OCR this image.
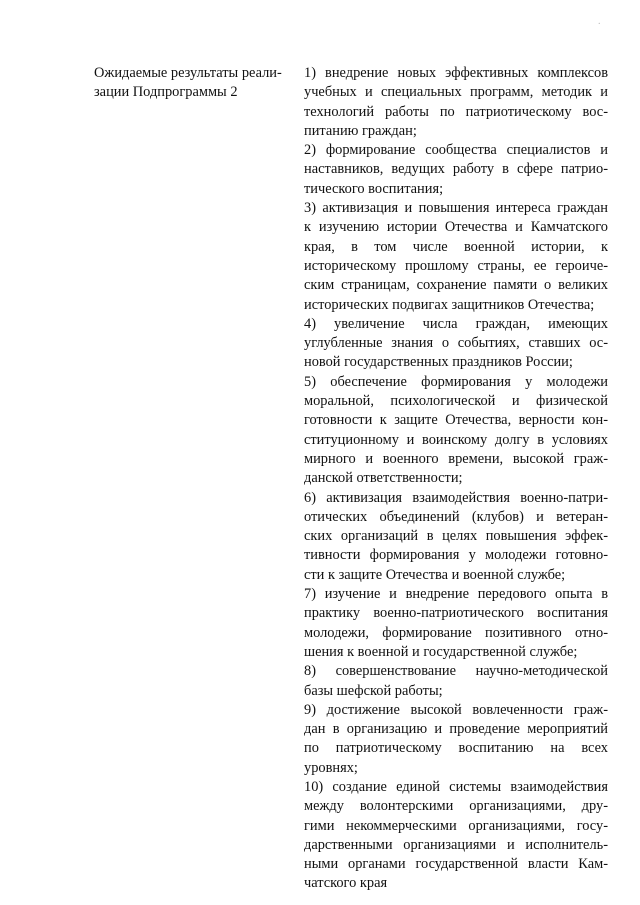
.
Ожидаемые результаты реали-
зации Подпрограммы 2
1) внедрение новых эффективных комплексов
учебных и специальных программ, методик и
технологий работы по патриотическому вос-
питанию граждан;
2) формирование сообщества специалистов и
наставников, ведущих работу в сфере патрио-
тического воспитания;
3) активизация и повышения интереса граждан
к изучению истории Отечества и Камчатского
края, в том числе военной истории, к
историческому прошлому страны, ее героиче-
ским страницам, сохранение памяти о великих
исторических подвигах защитников Отечества;
4) увеличение числа граждан, имеющих
углубленные знания о событиях, ставших ос-
новой государственных праздников России;
5) обеспечение формирования у молодежи
моральной, психологической и физической
готовности к защите Отечества, верности кон-
ституционному и воинскому долгу в условиях
мирного и военного времени, высокой граж-
данской ответственности;
6) активизация взаимодействия военно-патри-
отических объединений (клубов) и ветеран-
ских организаций в целях повышения эффек-
тивности формирования у молодежи готовно-
сти к защите Отечества и военной службе;
7) изучение и внедрение передового опыта в
практику военно-патриотического воспитания
молодежи, формирование позитивного отно-
шения к военной и государственной службе;
8) совершенствование научно-методической
базы шефской работы;
9) достижение высокой вовлеченности граж-
дан в организацию и проведение мероприятий
по патриотическому воспитанию на всех
уровнях;
10) создание единой системы взаимодействия
между волонтерскими организациями, дру-
гими некоммерческими организациями, госу-
дарственными организациями и исполнитель-
ными органами государственной власти Кам-
чатского края
